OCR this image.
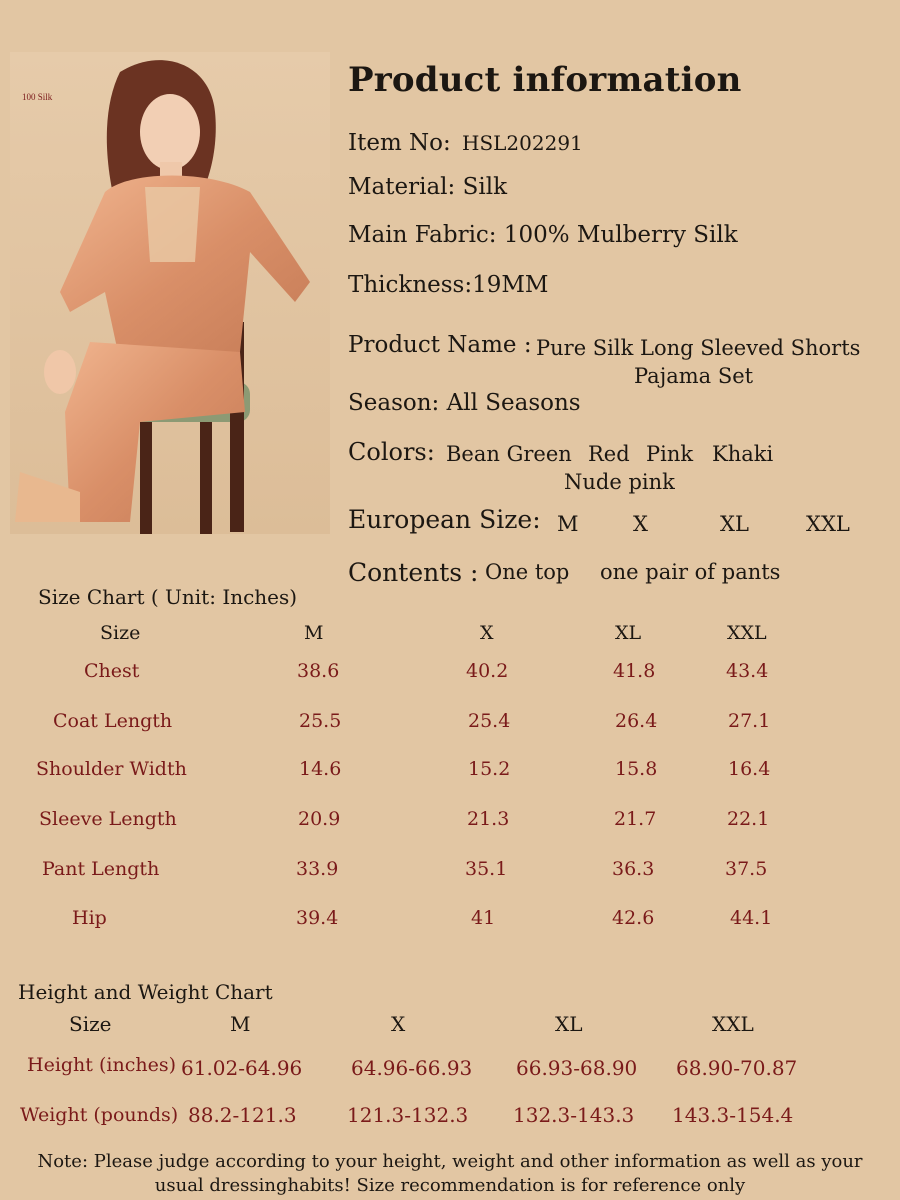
100 Silk	Product information
Item No: HSL202291
Material: Silk
Main Fabric: 100% Mulberry Silk
Thickness:19MM
Product Name : Pure Silk Long Sleeved Shorts
Pajama Set
Season: All Seasons
Colors: Bean Green Red Pink Khaki
Nude pink
European Size: M	X	XL	XXL
Contents : One top one pair of pants
Size Chart ( Unit: Inches)
Size	M	X	XL	XXL
Chest	38.6	40.2	41.8	43.4
Coat Length	25.5	25.4	26.4	27.1
Shoulder Width	14.6	15.2	15.8	16.4
Sleeve Length	20.9	21.3	21.7	22.1
Pant Length	33.9	35.1	36.3	37.5
Hip	39.4	41	42.6	44.1
Height and Weight Chart
Size	M	X	XL	XXL
Height (inches) 61.02-64.96 64.96-66.93 66.93-68.90 68.90-70.87
Weight (pounds) 88.2-121.3	121.3-132.3 132.3-143.3 143.3-154.4
Note: Please judge according to your height, weight and other information as well as your usual dressinghabits! Size recommendation is for reference only
